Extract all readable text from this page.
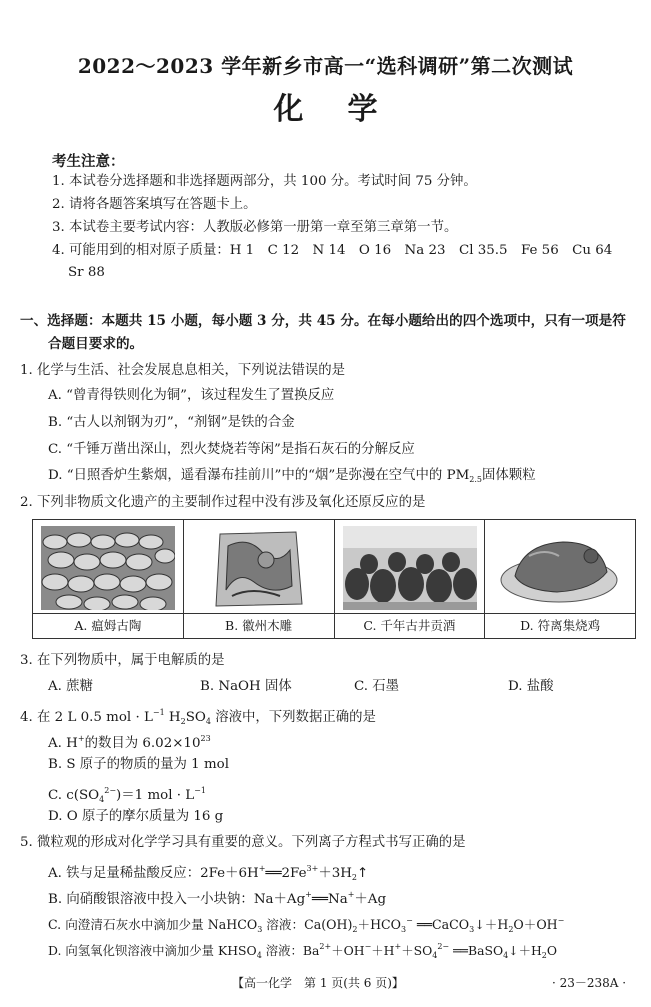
2022～2023 学年新乡市高一“选科调研”第二次测试
化学
考生注意：
1. 本试卷分选择题和非选择题两部分，共 100 分。考试时间 75 分钟。
2. 请将各题答案填写在答题卡上。
3. 本试卷主要考试内容：人教版必修第一册第一章至第三章第一节。
4. 可能用到的相对原子质量：H 1　C 12　N 14　O 16　Na 23　Cl 35.5　Fe 56　Cu 64
Sr 88
一、选择题：本题共 15 小题，每小题 3 分，共 45 分。在每小题给出的四个选项中，只有一项是符
合题目要求的。
1. 化学与生活、社会发展息息相关，下列说法错误的是
A. “曾青得铁则化为铜”，该过程发生了置换反应
B. “古人以剂钢为刃”，“剂钢”是铁的合金
C. “千锤万凿出深山，烈火焚烧若等闲”是指石灰石的分解反应
D. “日照香炉生紫烟，遥看瀑布挂前川”中的“烟”是弥漫在空气中的 $PM_{2.5}$固体颗粒
2. 下列非物质文化遗产的主要制作过程中没有涉及氧化还原反应的是
A. 瘟姆古陶	B. 徽州木雕	C. 千年古井贡酒	D. 符离集烧鸡
3. 在下列物质中，属于电解质的是
A. 蔗糖	B. NaOH 固体	C. 石墨	D. 盐酸
4. 在 2 L 0.5 mol · $L^{-1}$ $H_2SO_4$ 溶液中，下列数据正确的是
A. H+的数目为 $6.02\times 10^{23}$
B. S 原子的物质的量为 1 mol
C. $c(SO_4^{2-})=1$ mol · $L^{-1}$
D. O 原子的摩尔质量为 16 g
5. 微粒观的形成对化学学习具有重要的意义。下列离子方程式书写正确的是
A. 铁与足量稀盐酸反应：$2Fe+6H^+══2Fe^{3+}+3H_2↑$
B. 向硝酸银溶液中投入一小块钠：Na＋Ag+══Na+＋Ag
C. 向澄清石灰水中滴加少量 NaHCO$_3$ 溶液：$Ca(OH)_2+HCO_3^-$ $══CaCO_3↓+H_2O+OH^-$
D. 向氢氧化钡溶液中滴加少量 $KHSO_4$ 溶液：$Ba^{2+}+OH^-+H^++SO_4^{2-}$ $══BaSO_4↓+H_2O$
【高一化学　第 1 页(共 6 页)】	· 23－238A ·
